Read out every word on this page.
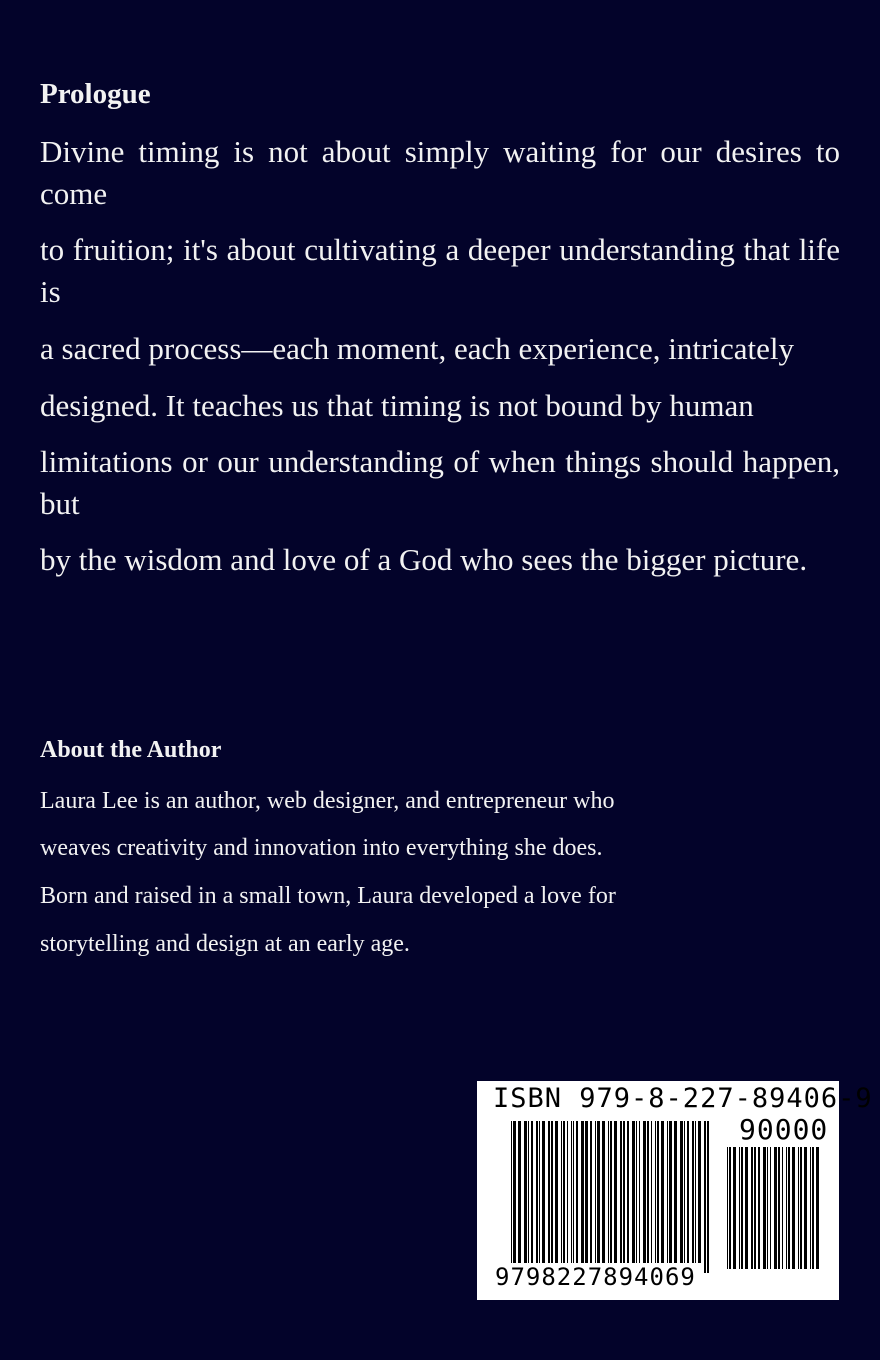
Prologue

Divine timing is not about simply waiting for our desires to come

to fruition; it's about cultivating a deeper understanding that life is

a sacred process—each moment, each experience, intricately

designed. It teaches us that timing is not bound by human

limitations or our understanding of when things should happen, but

by the wisdom and love of a God who sees the bigger picture.

About the Author

Laura Lee is an author, web designer, and entrepreneur who

weaves creativity and innovation into everything she does.

Born and raised in a small town, Laura developed a love for

storytelling and design at an early age.

ISBN 979-8-227-89406-9

90000

9798227894069
